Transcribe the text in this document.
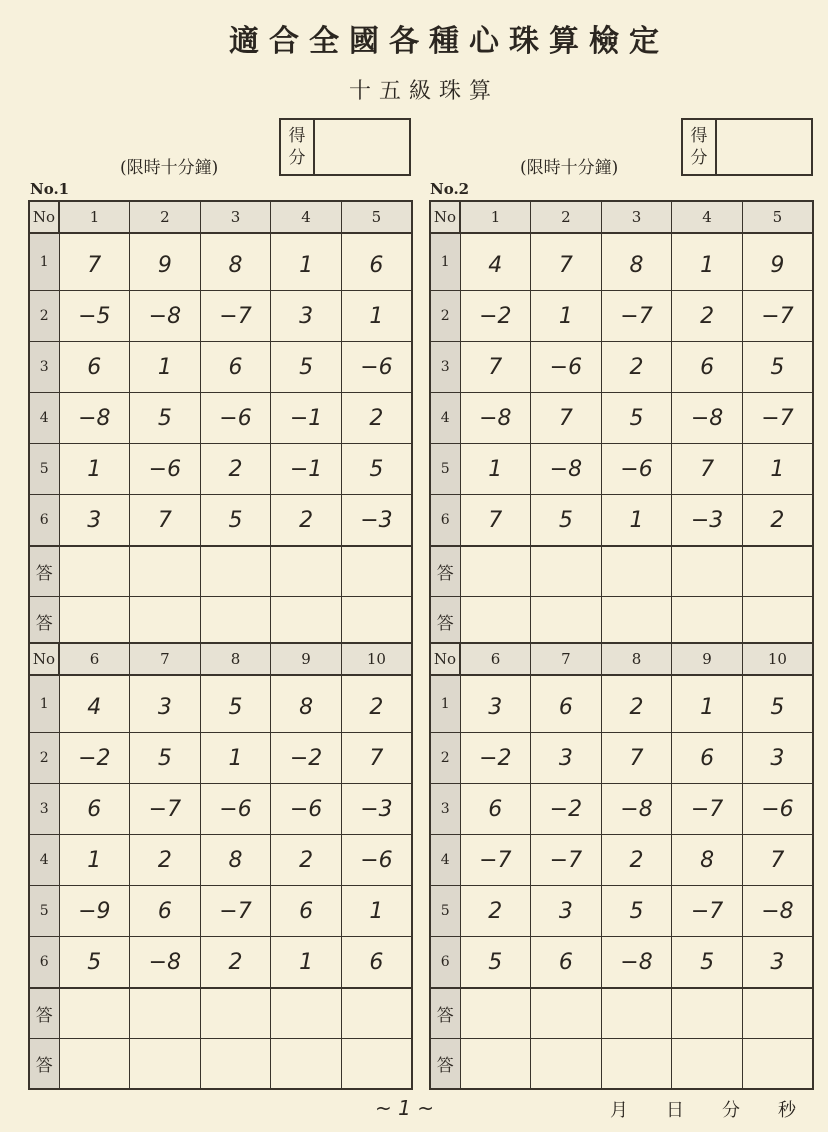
適合全國各種心珠算檢定
十五級珠算
(限時十分鐘)	(限時十分鐘)
得
分
得
分
No.1	No.2
No	1	2	3	4	5
1	7	9	8	1	6
2	−5	−8	−7	3	1
3	6	1	6	5	−6
4	−8	5	−6	−1	2
5	1	−6	2	−1	5
6	3	7	5	2	−3
答					
答					
No	6	7	8	9	10
1	4	3	5	8	2
2	−2	5	1	−2	7
3	6	−7	−6	−6	−3
4	1	2	8	2	−6
5	−9	6	−7	6	1
6	5	−8	2	1	6
答					
答					
No	1	2	3	4	5
1	4	7	8	1	9
2	−2	1	−7	2	−7
3	7	−6	2	6	5
4	−8	7	5	−8	−7
5	1	−8	−6	7	1
6	7	5	1	−3	2
答					
答					
No	6	7	8	9	10
1	3	6	2	1	5
2	−2	3	7	6	3
3	6	−2	−8	−7	−6
4	−7	−7	2	8	7
5	2	3	5	−7	−8
6	5	6	−8	5	3
答					
答					
~ 1 ~	月 日 分 秒
